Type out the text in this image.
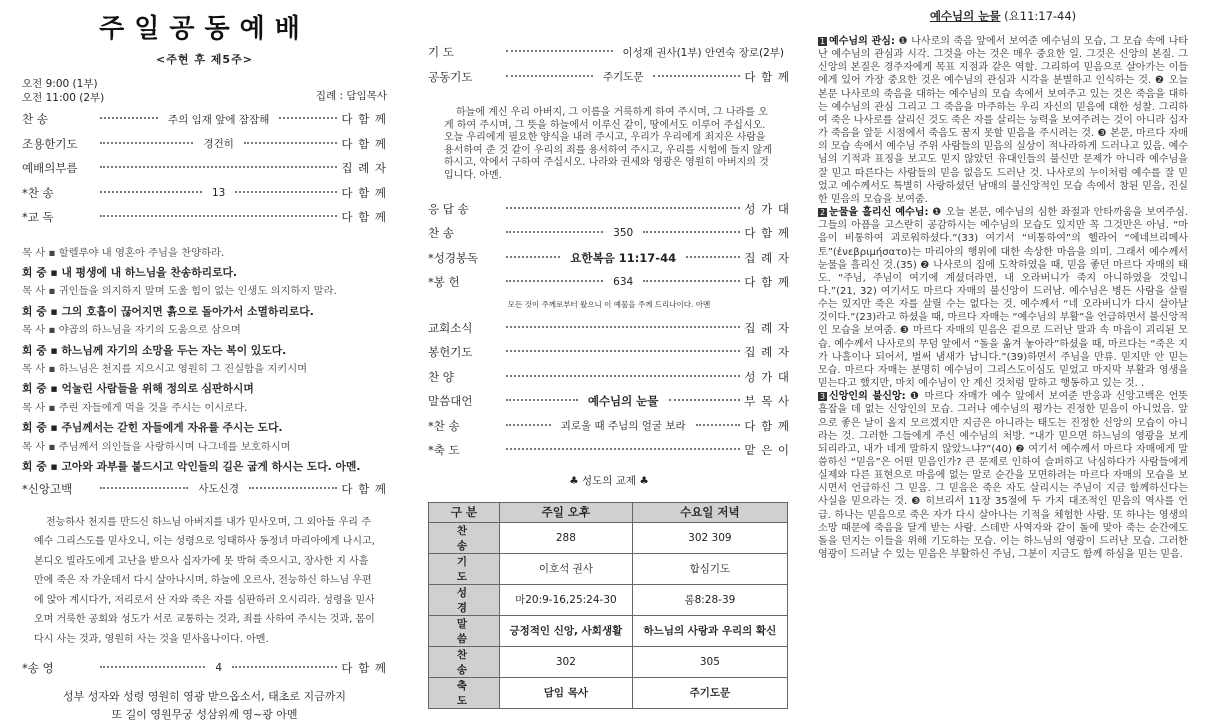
주일공동예배
<주현 후 제5주>
오전 9:00 (1부)
오전 11:00 (2부)	집례 : 담임목사
찬 송	주의 임재 앞에 잠잠해	다 함 께
조용한기도	경건히	다 함 께
예배의부름	집 례 자
*찬 송	13	다 함 께
*교 독	다 함 께
목 사 ▪ 할렐루야 내 영혼아 주님을 찬양하라.
회 중 ▪ 내 평생에 내 하느님을 찬송하리로다.
목 사 ▪ 귀인들을 의지하지 말며 도울 힘이 없는 인생도 의지하지 말라.
회 중 ▪ 그의 호흡이 끊어지면 흙으로 돌아가서 소멸하리로다.
목 사 ▪ 야곱의 하느님을 자기의 도움으로 삼으며
회 중 ▪ 하느님께 자기의 소망을 두는 자는 복이 있도다.
목 사 ▪ 하느님은 천지를 지으시고 영원히 그 진실함을 지키시며
회 중 ▪ 억눌린 사람들을 위해 정의로 심판하시며
목 사 ▪ 주린 자들에게 먹을 것을 주시는 이시로다.
회 중 ▪ 주님께서는 갇힌 자들에게 자유를 주시는 도다.
목 사 ▪ 주님께서 의인들을 사랑하시며 나그네를 보호하시며
회 중 ▪ 고아와 과부를 붙드시고 악인들의 길은 굽게 하시는 도다. 아멘.
*신앙고백	사도신경	다 함 께
전능하사 천지를 만드신 하느님 아버지를 내가 믿사오며, 그 외아들 우리 주 예수 그리스도를 믿사오니, 이는 성령으로 잉태하사 동정녀 마리아에게 나시고, 본디오 빌라도에게 고난을 받으사 십자가에 못 박혀 죽으시고, 장사한 지 사흘 만에 죽은 자 가운데서 다시 살아나시며, 하늘에 오르사, 전능하신 하느님 우편에 앉아 계시다가, 저리로서 산 자와 죽은 자를 심판하러 오시리라. 성령을 믿사오며 거룩한 공회와 성도가 서로 교통하는 것과, 죄를 사하여 주시는 것과, 몸이 다시 사는 것과, 영원히 사는 것을 믿사옵나이다. 아멘.
*송 영	4	다 함 께
성부 성자와 성령 영원히 영광 받으옵소서, 태초로 지금까지
또 길이 영원무궁 성삼위께 영~광 아멘
기 도	이성재 권사(1부) 안연숙 장로(2부)
공동기도	주기도문	다 함 께
하늘에 계신 우리 아버지, 그 이름을 거룩하게 하여 주시며, 그 나라를 오게 하여 주시며, 그 뜻을 하늘에서 이루신 같이, 땅에서도 이루어 주십시오. 오늘 우리에게 필요한 양식을 내려 주시고, 우리가 우리에게 죄지은 사람을 용서하여 준 것 같이 우리의 죄를 용서하여 주시고, 우리를 시험에 들지 않게 하시고, 악에서 구하여 주십시오. 나라와 권세와 영광은 영원히 아버지의 것입니다. 아멘.
응 답 송	성 가 대
찬 송	350	다 함 께
*성경봉독	요한복음 11:17-44	집 례 자
*봉 헌	634	다 함 께
모든 것이 주께로부터 왔으니 이 예물을 주께 드리나이다. 아멘
교회소식	집 례 자
봉헌기도	집 례 자
찬 양	성 가 대
말씀대언	예수님의 눈물	부 목 사
*찬 송	괴로울 때 주님의 얼굴 보라	다 함 께
*축 도	맡 은 이
♣ 성도의 교제 ♣
구 분	주일 오후	수요일 저녁
찬 송	288	302 309
기 도	이호석 권사	합심기도
성 경	마20:9-16,25:24-30	롬8:28-39
말 씀	긍정적인 신앙, 사회생활	하느님의 사랑과 우리의 확신
찬 송	302	305
축 도	담임 목사	주기도문
예수님의 눈물 (요11:17-44)
1 예수님의 관심: ❶ 나사로의 죽음 앞에서 보여준 예수님의 모습, 그 모습 속에 나타난 예수님의 관심과 시각. 그것을 아는 것은 매우 중요한 일. 그것은 신앙의 본질. 그 신앙의 본질은 경주자에게 목표 지점과 같은 역할. 그리하여 믿음으로 살아가는 이들에게 있어 가장 중요한 것은 예수님의 관심과 시각을 분별하고 인식하는 것. ❷ 오늘 본문 나사로의 죽음을 대하는 예수님의 모습 속에서 보여주고 있는 것은 죽음을 대하는 예수님의 관심 그리고 그 죽음을 마주하는 우리 자신의 믿음에 대한 성찰. 그리하여 죽은 나사로를 살리신 것도 죽은 자를 살리는 능력을 보여주려는 것이 아니라 십자가 죽음을 앞둔 시점에서 죽음도 꿈지 못할 믿음을 주시려는 것. ❸ 본문, 마르다 자매의 모습 속에서 예수님 주위 사람들의 믿음의 실상이 적나라하게 드러나고 있음. 예수님의 기적과 표징을 보고도 믿지 않았던 유대인들의 불신만 문제가 아니라 예수님을 잘 믿고 따른다는 사람들의 믿음 없음도 드러난 것. 나사로의 누이처럼 예수를 잘 믿었고 예수께서도 특별히 사랑하셨던 남매의 불신앙적인 모습 속에서 참된 믿음, 진실한 믿음의 모습을 보여줌.
2 눈물을 흘리신 예수님: ❶ 오늘 본문, 예수님의 심한 좌절과 안타까움을 보여주심. 그들의 아픔을 고스란히 공감하시는 예수님의 모습도 있지만 꼭 그것만은 아님. “마음이 비통하여 괴로워하셨다.”(33) 여기서 “비통하여”의 헬라어 “에네브리메사토”(ἐνεβριμήσατο)는 마리아의 행위에 대한 속상한 마음을 의미. 그래서 예수께서 눈물을 흘리신 것.(35) ❷ 나사로의 집에 도착하였을 때, 믿음 좋던 마르다 자매의 태도. “주님, 주님이 여기에 계셨더라면, 내 오라버니가 죽지 아니하였을 것입니다.”(21, 32) 여기서도 마르다 자매의 불신앙이 드러남. 예수님은 병든 사람을 살릴 수는 있지만 죽은 자를 살릴 수는 없다는 것. 예수께서 “네 오라버니가 다시 살아날 것이다.”(23)라고 하셨을 때, 마르다 자매는 “예수님의 부활”을 언급하면서 불신앙적인 모습을 보여줌. ❸ 마르다 자매의 믿음은 겉으로 드러난 말과 속 마음이 괴리된 모습. 예수께서 나사로의 무덤 앞에서 “돌을 옮겨 놓아라”하셨을 때, 마르다는 “죽은 지가 나흘이나 되어서, 벌써 냄새가 납니다.”(39)하면서 주님을 만류. 믿지만 안 믿는 모습. 마르다 자매는 분명히 예수님이 그리스도이심도 믿었고 마지막 부활과 영생을 믿는다고 했지만, 마치 예수님이 안 계신 것처럼 말하고 행동하고 있는 것. .
3 신앙인의 불신앙: ❶ 마르다 자매가 예수 앞에서 보여준 반응과 신앙고백은 언뜻 흠잡을 데 없는 신앙인의 모습. 그러나 예수님의 평가는 진정한 믿음이 아니었음. 앞으로 좋은 날이 올지 모르겠지만 지금은 아니라는 태도는 진정한 신앙의 모습이 아니라는 것. 그러한 그들에게 주신 예수님의 처방. “내가 믿으면 하느님의 영광을 보게 되리라고, 내가 네게 말하지 않았느냐?”(40) ❷ 여기서 예수께서 마르다 자매에게 말씀하신 “믿음”은 어떤 믿음인가? 큰 문제로 인하여 슬퍼하고 낙심하다가 사람들에게 실제와 다른 표현으로 마음에 없는 말로 순간을 모면하려는 마르다 자매의 모습을 보시면서 언급하신 그 믿음. 그 믿음은 죽은 자도 살리시는 주님이 지금 함께하신다는 사실을 믿으라는 것. ❸ 히브리서 11장 35절에 두 가지 대조적인 믿음의 역사를 언급. 하나는 믿음으로 죽은 자가 다시 살아나는 기적을 체험한 사람. 또 하나는 영생의 소망 때문에 죽음을 달게 받는 사람. 스데반 사역자와 같이 돌에 맞아 죽는 순간에도 돌을 던지는 이들을 위해 기도하는 모습. 이는 하느님의 영광이 드러난 모습. 그러한 영광이 드러날 수 있는 믿음은 부활하신 주님, 그분이 지금도 함께 하심을 믿는 믿음.
